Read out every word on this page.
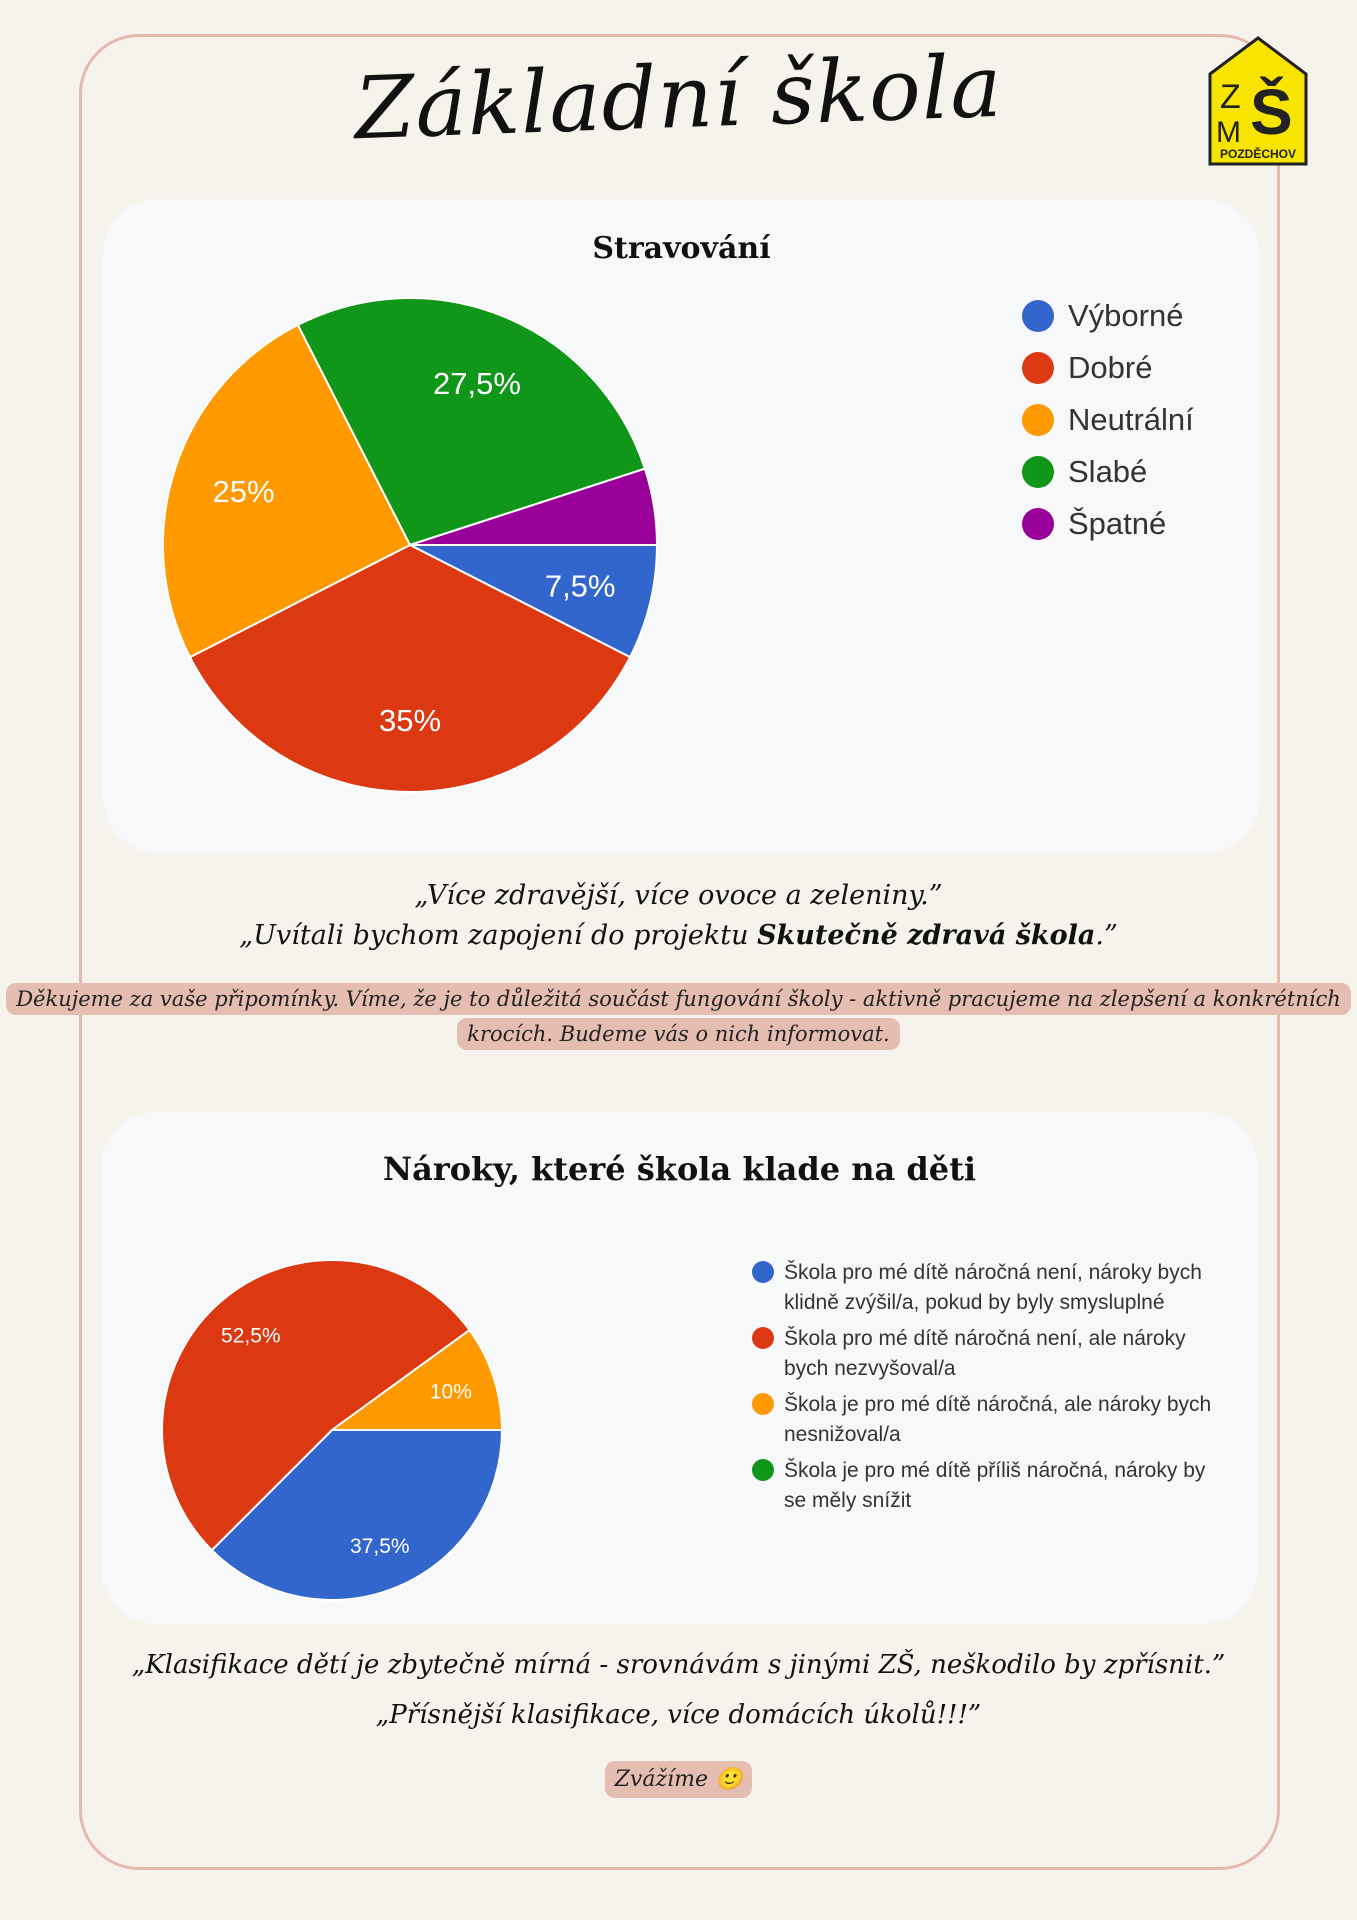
Základní škola	Z Š
M
POZDĚCHOV
Stravování
7,5%
35%
25%
27,5%
Výborné
Dobré
Neutrální
Slabé
Špatné
„Více zdravější, více ovoce a zeleniny.”
„Uvítali bychom zapojení do projektu Skutečně zdravá škola.”
Děkujeme za vaše připomínky. Víme, že je to důležitá součást fungování školy - aktivně pracujeme na zlepšení a konkrétních krocích. Budeme vás o nich informovat.
Nároky, které škola klade na děti
37,5%
52,5%
10%
Škola pro mé dítě náročná není, nároky bych klidně zvýšil/a, pokud by byly smysluplné
Škola pro mé dítě náročná není, ale nároky bych nezvyšoval/a
Škola je pro mé dítě náročná, ale nároky bych nesnižoval/a
Škola je pro mé dítě příliš náročná, nároky by se měly snížit
„Klasifikace dětí je zbytečně mírná - srovnávám s jinými ZŠ, neškodilo by zpřísnit.”
„Přísnější klasifikace, více domácích úkolů!!!”
Zvážíme 🙂
